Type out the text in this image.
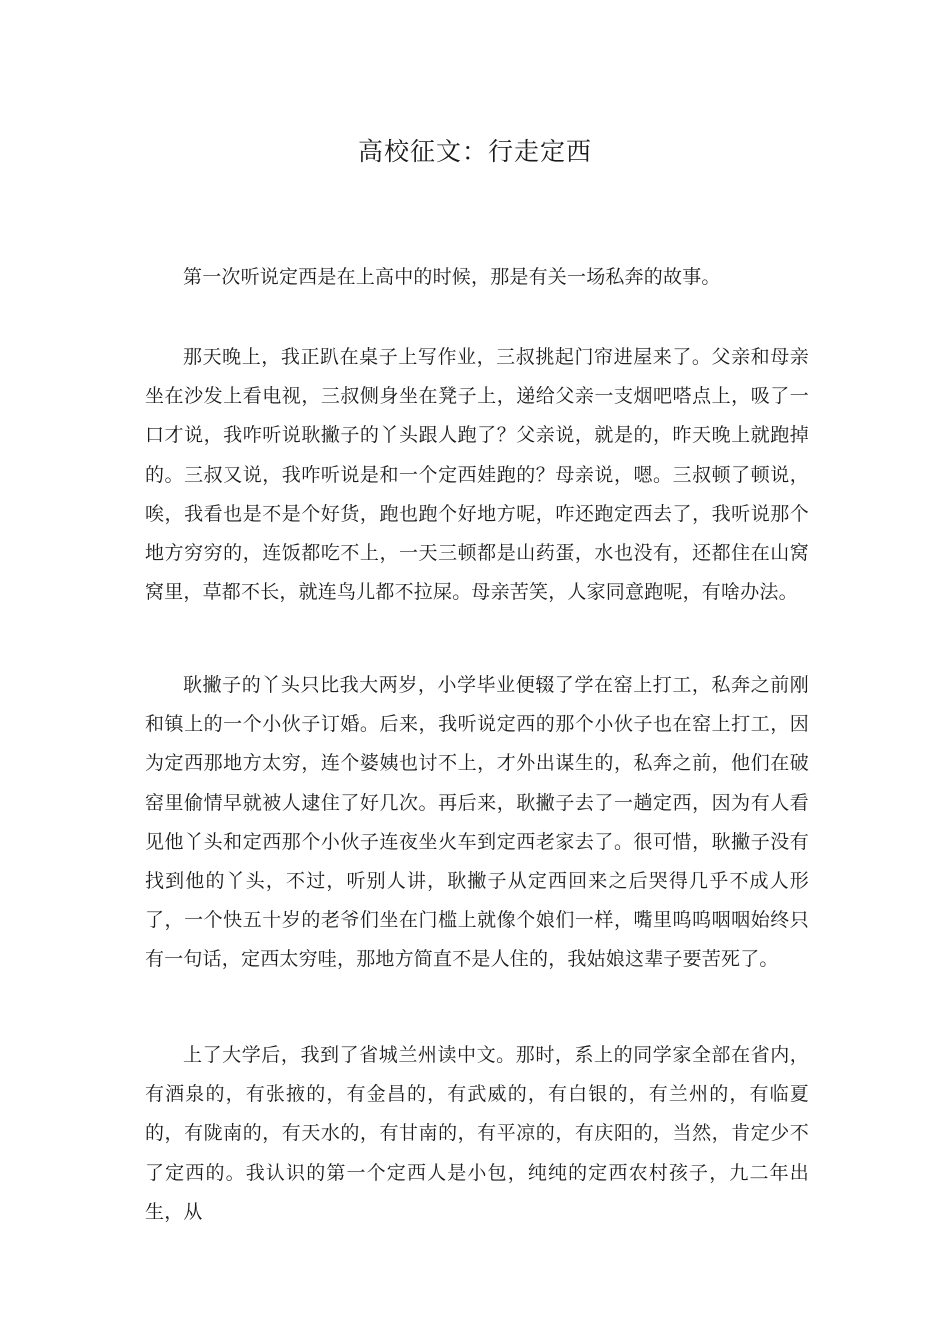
高校征文：行走定西

第一次听说定西是在上高中的时候，那是有关一场私奔的故事。

那天晚上，我正趴在桌子上写作业，三叔挑起门帘进屋来了。父亲和母亲坐在沙发上看电视，三叔侧身坐在凳子上，递给父亲一支烟吧嗒点上，吸了一口才说，我咋听说耿撇子的丫头跟人跑了？父亲说，就是的，昨天晚上就跑掉的。三叔又说，我咋听说是和一个定西娃跑的？母亲说，嗯。三叔顿了顿说，唉，我看也是不是个好货，跑也跑个好地方呢，咋还跑定西去了，我听说那个地方穷穷的，连饭都吃不上，一天三顿都是山药蛋，水也没有，还都住在山窝窝里，草都不长，就连鸟儿都不拉屎。母亲苦笑，人家同意跑呢，有啥办法。

耿撇子的丫头只比我大两岁，小学毕业便辍了学在窑上打工，私奔之前刚和镇上的一个小伙子订婚。后来，我听说定西的那个小伙子也在窑上打工，因为定西那地方太穷，连个婆姨也讨不上，才外出谋生的，私奔之前，他们在破窑里偷情早就被人逮住了好几次。再后来，耿撇子去了一趟定西，因为有人看见他丫头和定西那个小伙子连夜坐火车到定西老家去了。很可惜，耿撇子没有找到他的丫头，不过，听别人讲，耿撇子从定西回来之后哭得几乎不成人形了，一个快五十岁的老爷们坐在门槛上就像个娘们一样，嘴里呜呜咽咽始终只有一句话，定西太穷哇，那地方简直不是人住的，我姑娘这辈子要苦死了。

上了大学后，我到了省城兰州读中文。那时，系上的同学家全部在省内，有酒泉的，有张掖的，有金昌的，有武威的，有白银的，有兰州的，有临夏的，有陇南的，有天水的，有甘南的，有平凉的，有庆阳的，当然，肯定少不了定西的。我认识的第一个定西人是小包，纯纯的定西农村孩子，九二年出生，从
